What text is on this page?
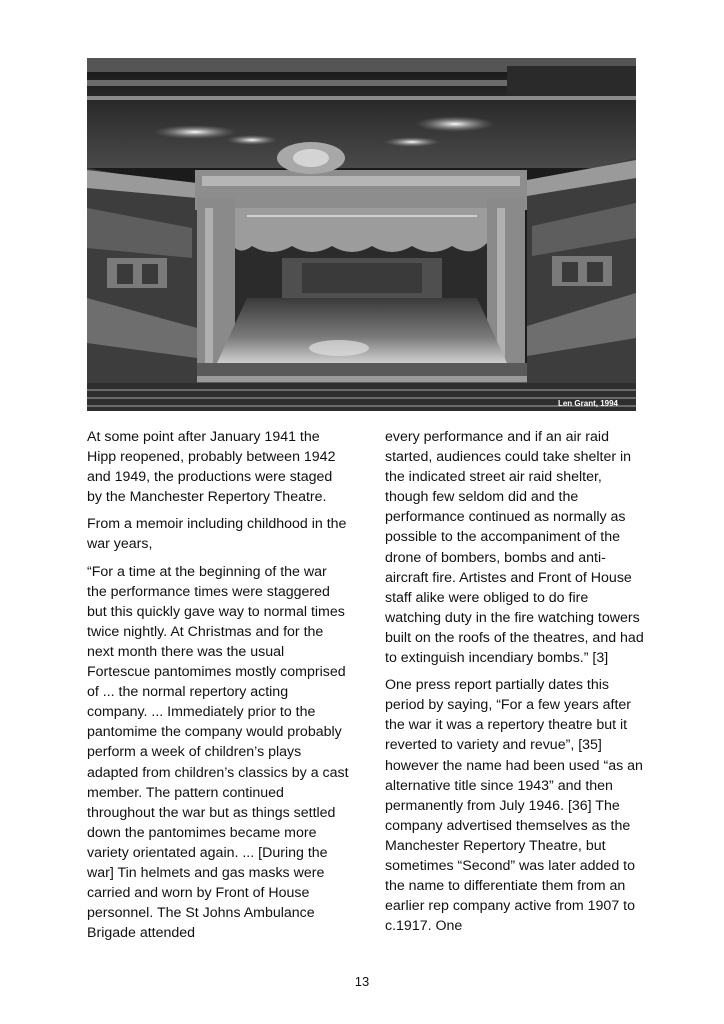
Len Grant, 1994

At some point after January 1941 the Hipp reopened, probably between 1942 and 1949, the productions were staged by the Manchester Repertory Theatre.

From a memoir including childhood in the war years,

“For a time at the beginning of the war the performance times were staggered but this quickly gave way to normal times twice nightly. At Christmas and for the next month there was the usual Fortescue pantomimes mostly comprised of ... the normal repertory acting company. ... Immediately prior to the pantomime the company would probably perform a week of children’s plays adapted from children’s classics by a cast member. The pattern continued throughout the war but as things settled down the pantomimes became more variety orientated again. ... [During the war] Tin helmets and gas masks were carried and worn by Front of House personnel. The St Johns Ambulance Brigade attended

every performance and if an air raid started, audiences could take shelter in the indicated street air raid shelter, though few seldom did and the performance continued as normally as possible to the accompaniment of the drone of bombers, bombs and anti-aircraft fire. Artistes and Front of House staff alike were obliged to do fire watching duty in the fire watching towers built on the roofs of the theatres, and had to extinguish incendiary bombs.” [3]

One press report partially dates this period by saying, “For a few years after the war it was a repertory theatre but it reverted to variety and revue”, [35] however the name had been used “as an alternative title since 1943” and then permanently from July 1946. [36] The company advertised themselves as the Manchester Repertory Theatre, but sometimes “Second” was later added to the name to differentiate them from an earlier rep company active from 1907 to c.1917. One

13
